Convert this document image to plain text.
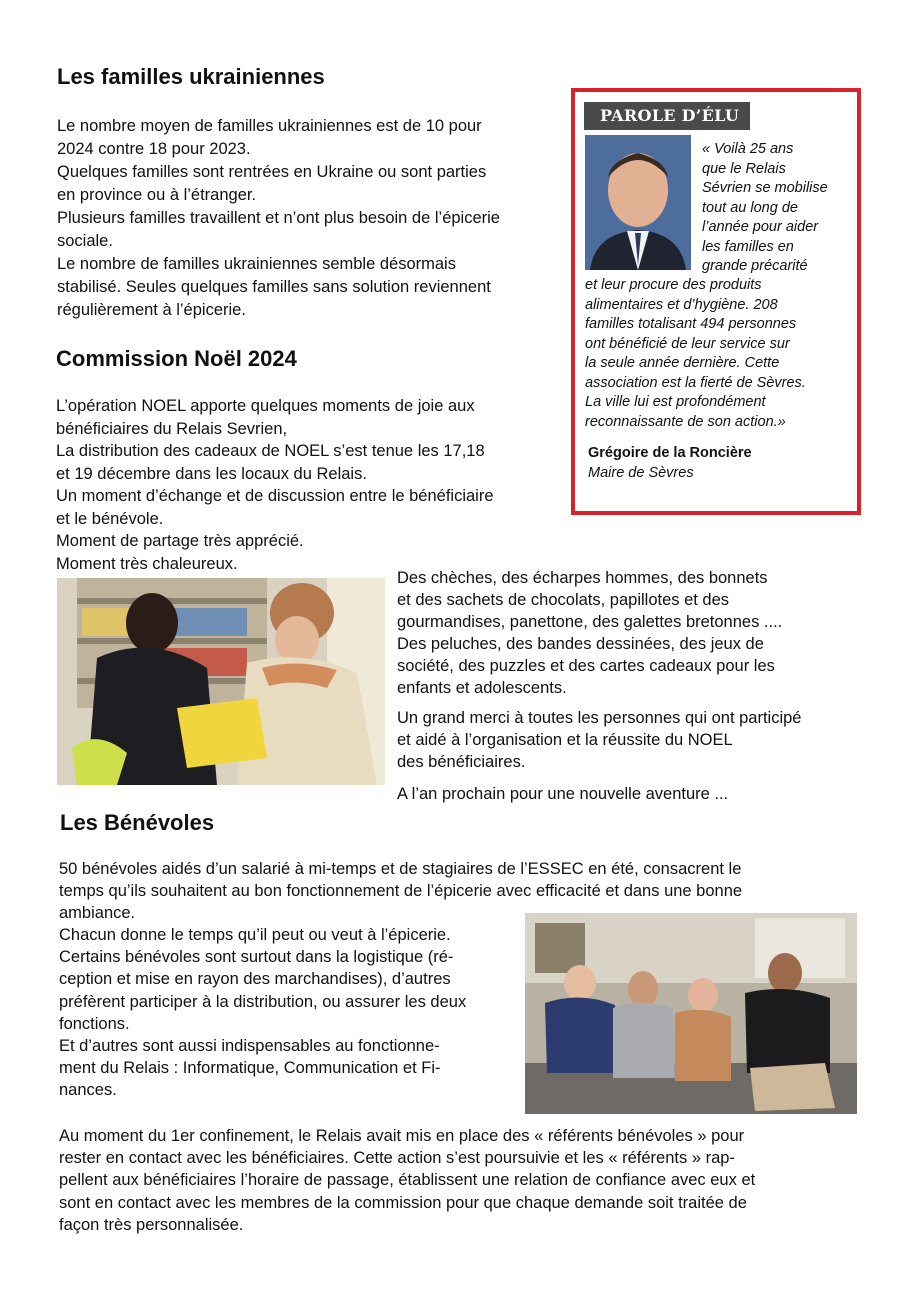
Les familles ukrainiennes

Le nombre moyen de familles ukrainiennes est de 10 pour

2024 contre 18 pour 2023.

Quelques familles sont rentrées en Ukraine ou sont parties

en province ou à l’étranger.

Plusieurs familles travaillent et n’ont plus besoin de l’épicerie

sociale.

Le nombre de familles ukrainiennes semble désormais

stabilisé. Seules quelques familles sans solution reviennent

régulièrement à l’épicerie.

Commission Noël 2024

L’opération NOEL apporte quelques moments de joie aux

bénéficiaires du Relais Sevrien,

La distribution des cadeaux de NOEL s’est tenue les 17,18

et 19 décembre dans les locaux du Relais.

Un moment d’échange et de discussion entre le bénéficiaire

et le bénévole.

Moment de partage très apprécié.

Moment très chaleureux.

Des chèches, des écharpes hommes, des bonnets

et des sachets de chocolats, papillotes et des

gourmandises, panettone, des galettes bretonnes ....

Des peluches, des bandes dessinées, des jeux de

société, des puzzles et des cartes cadeaux pour les

enfants et adolescents.

Un grand merci à toutes les personnes qui ont participé

et aidé à l’organisation et la réussite du NOEL

des bénéficiaires.

A l’an prochain pour une nouvelle aventure ...
PAROLE D’ÉLU

« Voilà 25 ans

que le Relais

Sévrien se mobilise

tout au long de

l’année pour aider

les familles en

grande précarité

et leur procure des produits

alimentaires et d’hygiène. 208

familles totalisant 494 personnes

ont bénéficié de leur service sur

la seule année dernière. Cette

association est la fierté de Sèvres.

La ville lui est profondément

reconnaissante de son action.»

Grégoire de la Roncière
Maire de Sèvres
Les Bénévoles

50 bénévoles aidés d’un salarié à mi-temps et de stagiaires de l’ESSEC en été, consacrent le

temps qu’ils souhaitent au bon fonctionnement de l’épicerie avec efficacité et dans une bonne

ambiance.

Chacun donne le temps qu’il peut ou veut à l’épicerie.

Certains bénévoles sont surtout dans la logistique (ré-

ception et mise en rayon des marchandises), d’autres

préfèrent participer à la distribution, ou assurer les deux

fonctions.

Et d’autres sont aussi indispensables au fonctionne-

ment du Relais : Informatique, Communication et Fi-

nances.

Au moment du 1er confinement, le Relais avait mis en place des « référents bénévoles » pour

rester en contact avec les bénéficiaires. Cette action s’est poursuivie et les « référents » rap-

pellent aux bénéficiaires l’horaire de passage, établissent une relation de confiance avec eux et

sont en contact avec les membres de la commission pour que chaque demande soit traitée de

façon très personnalisée.
